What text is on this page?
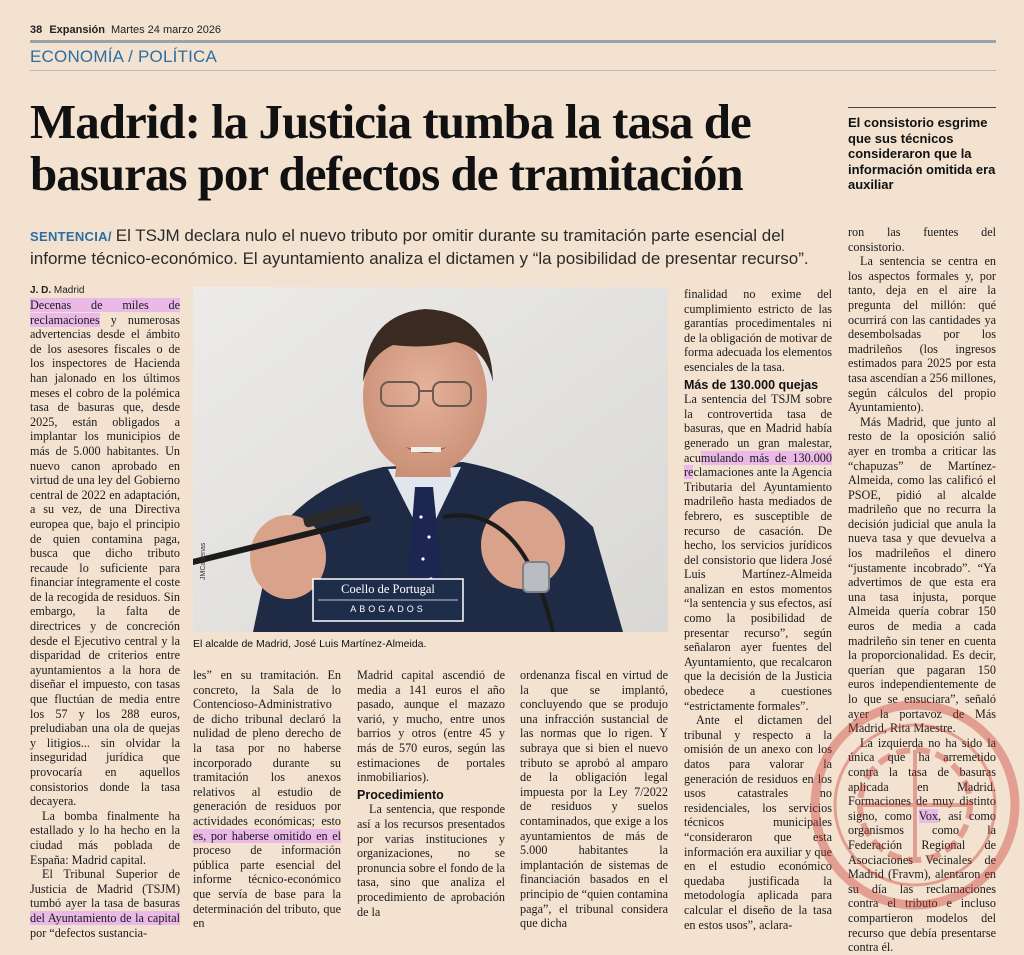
38 Expansión Martes 24 marzo 2026
ECONOMÍA / POLÍTICA
Madrid: la Justicia tumba la tasa de basuras por defectos de tramitación
El consistorio esgrime que sus técnicos consideraron que la información omitida era auxiliar
SENTENCIA/ El TSJM declara nulo el nuevo tributo por omitir durante su tramitación parte esencial del informe técnico-económico. El ayuntamiento analiza el dictamen y “la posibilidad de presentar recurso”.
J. D. Madrid

Decenas de miles de reclamaciones y numerosas advertencias desde el ámbito de los asesores fiscales o de los inspectores de Hacienda han jalonado en los últimos meses el cobro de la polémica tasa de basuras que, desde 2025, están obligados a implantar los municipios de más de 5.000 habitantes. Un nuevo canon aprobado en virtud de una ley del Gobierno central de 2022 en adaptación, a su vez, de una Directiva europea que, bajo el principio de quien contamina paga, busca que dicho tributo recaude lo suficiente para financiar íntegramente el coste de la recogida de residuos. Sin embargo, la falta de directrices y de concreción desde el Ejecutivo central y la disparidad de criterios entre ayuntamientos a la hora de diseñar el impuesto, con tasas que fluctúan de media entre los 57 y los 288 euros, preludiaban una ola de quejas y litigios... sin olvidar la inseguridad jurídica que provocaría en aquellos consistorios donde la tasa decayera.

La bomba finalmente ha estallado y lo ha hecho en la ciudad más poblada de España: Madrid capital.

El Tribunal Superior de Justicia de Madrid (TSJM) tumbó ayer la tasa de basuras del Ayuntamiento de la capital por “defectos sustancia-

Coello de Portugal
ABOGADOS
JMCadenas
El alcalde de Madrid, José Luis Martínez-Almeida.

les” en su tramitación. En concreto, la Sala de lo Contencioso-Administrativo de dicho tribunal declaró la nulidad de pleno derecho de la tasa por no haberse incorporado durante su tramitación los anexos relativos al estudio de generación de residuos por actividades económicas; esto es, por haberse omitido en el proceso de información pública parte esencial del informe técnico-económico que servía de base para la determinación del tributo, que en

Madrid capital ascendió de media a 141 euros el año pasado, aunque el mazazo varió, y mucho, entre unos barrios y otros (entre 45 y más de 570 euros, según las estimaciones de portales inmobiliarios).

Procedimiento

La sentencia, que responde así a los recursos presentados por varias instituciones y organizaciones, no se pronuncia sobre el fondo de la tasa, sino que analiza el procedimiento de aprobación de la

ordenanza fiscal en virtud de la que se implantó, concluyendo que se produjo una infracción sustancial de las normas que lo rigen. Y subraya que si bien el nuevo tributo se aprobó al amparo de la obligación legal impuesta por la Ley 7/2022 de residuos y suelos contaminados, que exige a los ayuntamientos de más de 5.000 habitantes la implantación de sistemas de financiación basados en el principio de “quien contamina paga”, el tribunal considera que dicha

finalidad no exime del cumplimiento estricto de las garantías procedimentales ni de la obligación de motivar de forma adecuada los elementos esenciales de la tasa.

Más de 130.000 quejas

La sentencia del TSJM sobre la controvertida tasa de basuras, que en Madrid había generado un gran malestar, acumulando más de 130.000 reclamaciones ante la Agencia Tributaria del Ayuntamiento madrileño hasta mediados de febrero, es susceptible de recurso de casación. De hecho, los servicios jurídicos del consistorio que lidera José Luis Martínez-Almeida analizan en estos momentos “la sentencia y sus efectos, así como la posibilidad de presentar recurso”, según señalaron ayer fuentes del Ayuntamiento, que recalcaron que la decisión de la Justicia obedece a cuestiones “estrictamente formales”.

Ante el dictamen del tribunal y respecto a la omisión de un anexo con los datos para valorar la generación de residuos en los usos catastrales no residenciales, los servicios técnicos municipales “consideraron que esta información era auxiliar y que en el estudio económico quedaba justificada la metodología aplicada para calcular el diseño de la tasa en estos usos”, aclara-

ron las fuentes del consistorio.

La sentencia se centra en los aspectos formales y, por tanto, deja en el aire la pregunta del millón: qué ocurrirá con las cantidades ya desembolsadas por los madrileños (los ingresos estimados para 2025 por esta tasa ascendían a 256 millones, según cálculos del propio Ayuntamiento).

Más Madrid, que junto al resto de la oposición salió ayer en tromba a criticar las “chapuzas” de Martínez-Almeida, como las calificó el PSOE, pidió al alcalde madrileño que no recurra la decisión judicial que anula la nueva tasa y que devuelva a los madrileños el dinero “justamente incobrado”. “Ya advertimos de que esta era una tasa injusta, porque Almeida quería cobrar 150 euros de media a cada madrileño sin tener en cuenta la proporcionalidad. Es decir, querían que pagaran 150 euros independientemente de lo que se ensuciara”, señaló ayer la portavoz de Más Madrid, Rita Maestre.

La izquierda no ha sido la única que ha arremetido contra la tasa de basuras aplicada en Madrid. Formaciones de muy distinto signo, como Vox, así como organismos como la Federación Regional de Asociaciones Vecinales de Madrid (Fravm), alentaron en su día las reclamaciones contra el tributo e incluso compartieron modelos del recurso que debía presentarse contra él.
